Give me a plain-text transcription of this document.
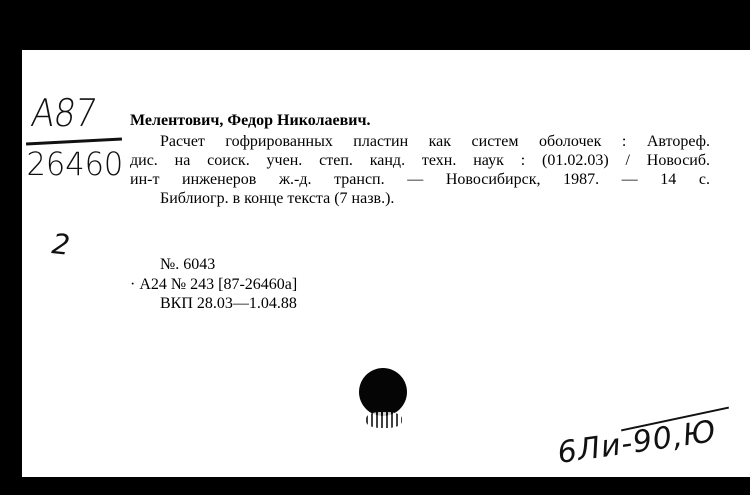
А87
26460
2
Мелентович, Федор Николаевич.
Расчет гофрированных пластин как систем оболочек : Автореф.
дис. на соиск. учен. степ. канд. техн. наук : (01.02.03) / Новосиб.
ин-т инженеров ж.-д. трансп. — Новосибирск, 1987. — 14 с.
Библиогр. в конце текста (7 назв.).
№. 6043
· А24 № 243 [87-26460а]
ВКП 28.03—1.04.88
6Ли-90,Ю
